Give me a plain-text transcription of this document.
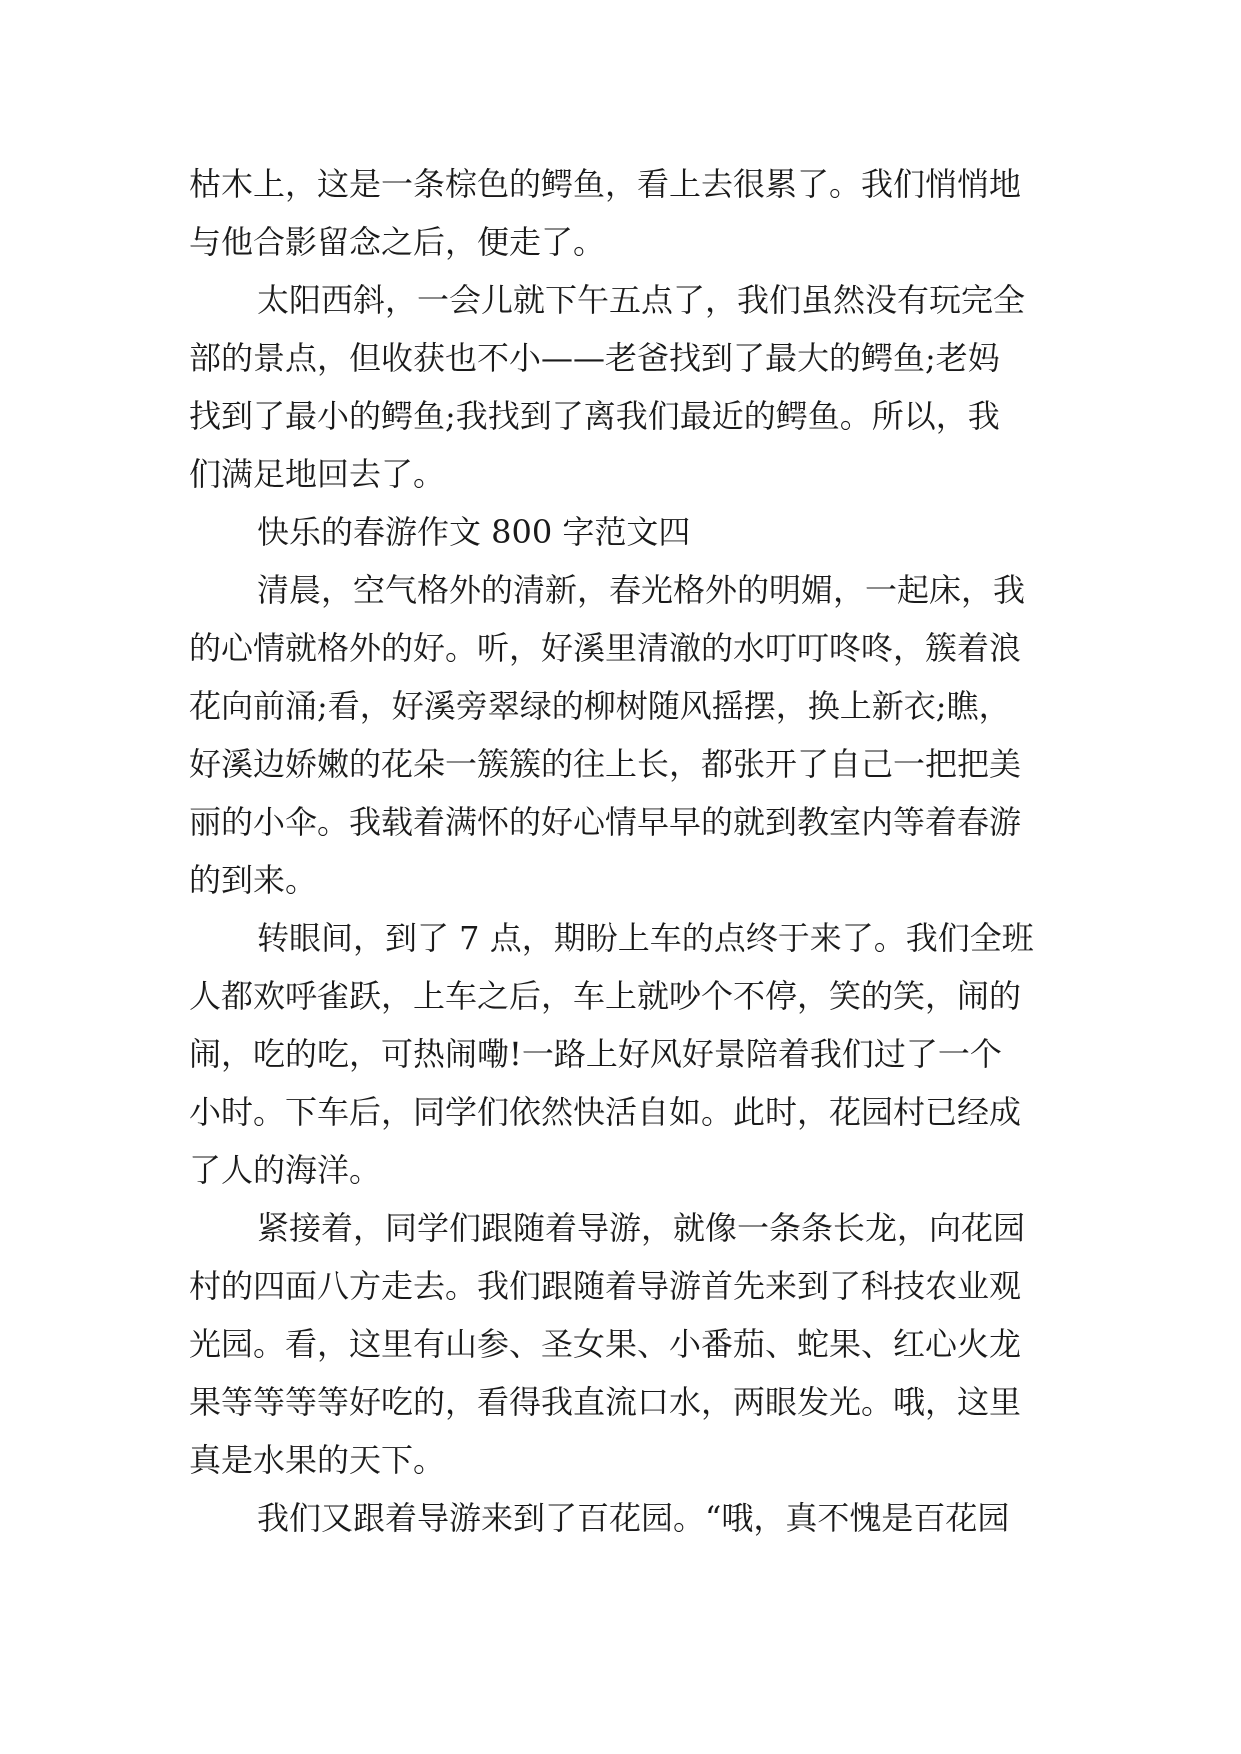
枯木上，这是一条棕色的鳄鱼，看上去很累了。我们悄悄地
与他合影留念之后，便走了。
太阳西斜，一会儿就下午五点了，我们虽然没有玩完全
部的景点，但收获也不小——老爸找到了最大的鳄鱼;老妈
找到了最小的鳄鱼;我找到了离我们最近的鳄鱼。所以，我
们满足地回去了。
快乐的春游作文 800 字范文四
清晨，空气格外的清新，春光格外的明媚，一起床，我
的心情就格外的好。听，好溪里清澈的水叮叮咚咚，簇着浪
花向前涌;看，好溪旁翠绿的柳树随风摇摆，换上新衣;瞧，
好溪边娇嫩的花朵一簇簇的往上长，都张开了自己一把把美
丽的小伞。我载着满怀的好心情早早的就到教室内等着春游
的到来。
转眼间，到了 7 点，期盼上车的点终于来了。我们全班
人都欢呼雀跃，上车之后，车上就吵个不停，笑的笑，闹的
闹，吃的吃，可热闹嘞!一路上好风好景陪着我们过了一个
小时。下车后，同学们依然快活自如。此时，花园村已经成
了人的海洋。
紧接着，同学们跟随着导游，就像一条条长龙，向花园
村的四面八方走去。我们跟随着导游首先来到了科技农业观
光园。看，这里有山参、圣女果、小番茄、蛇果、红心火龙
果等等等等好吃的，看得我直流口水，两眼发光。哦，这里
真是水果的天下。
我们又跟着导游来到了百花园。“哦，真不愧是百花园
